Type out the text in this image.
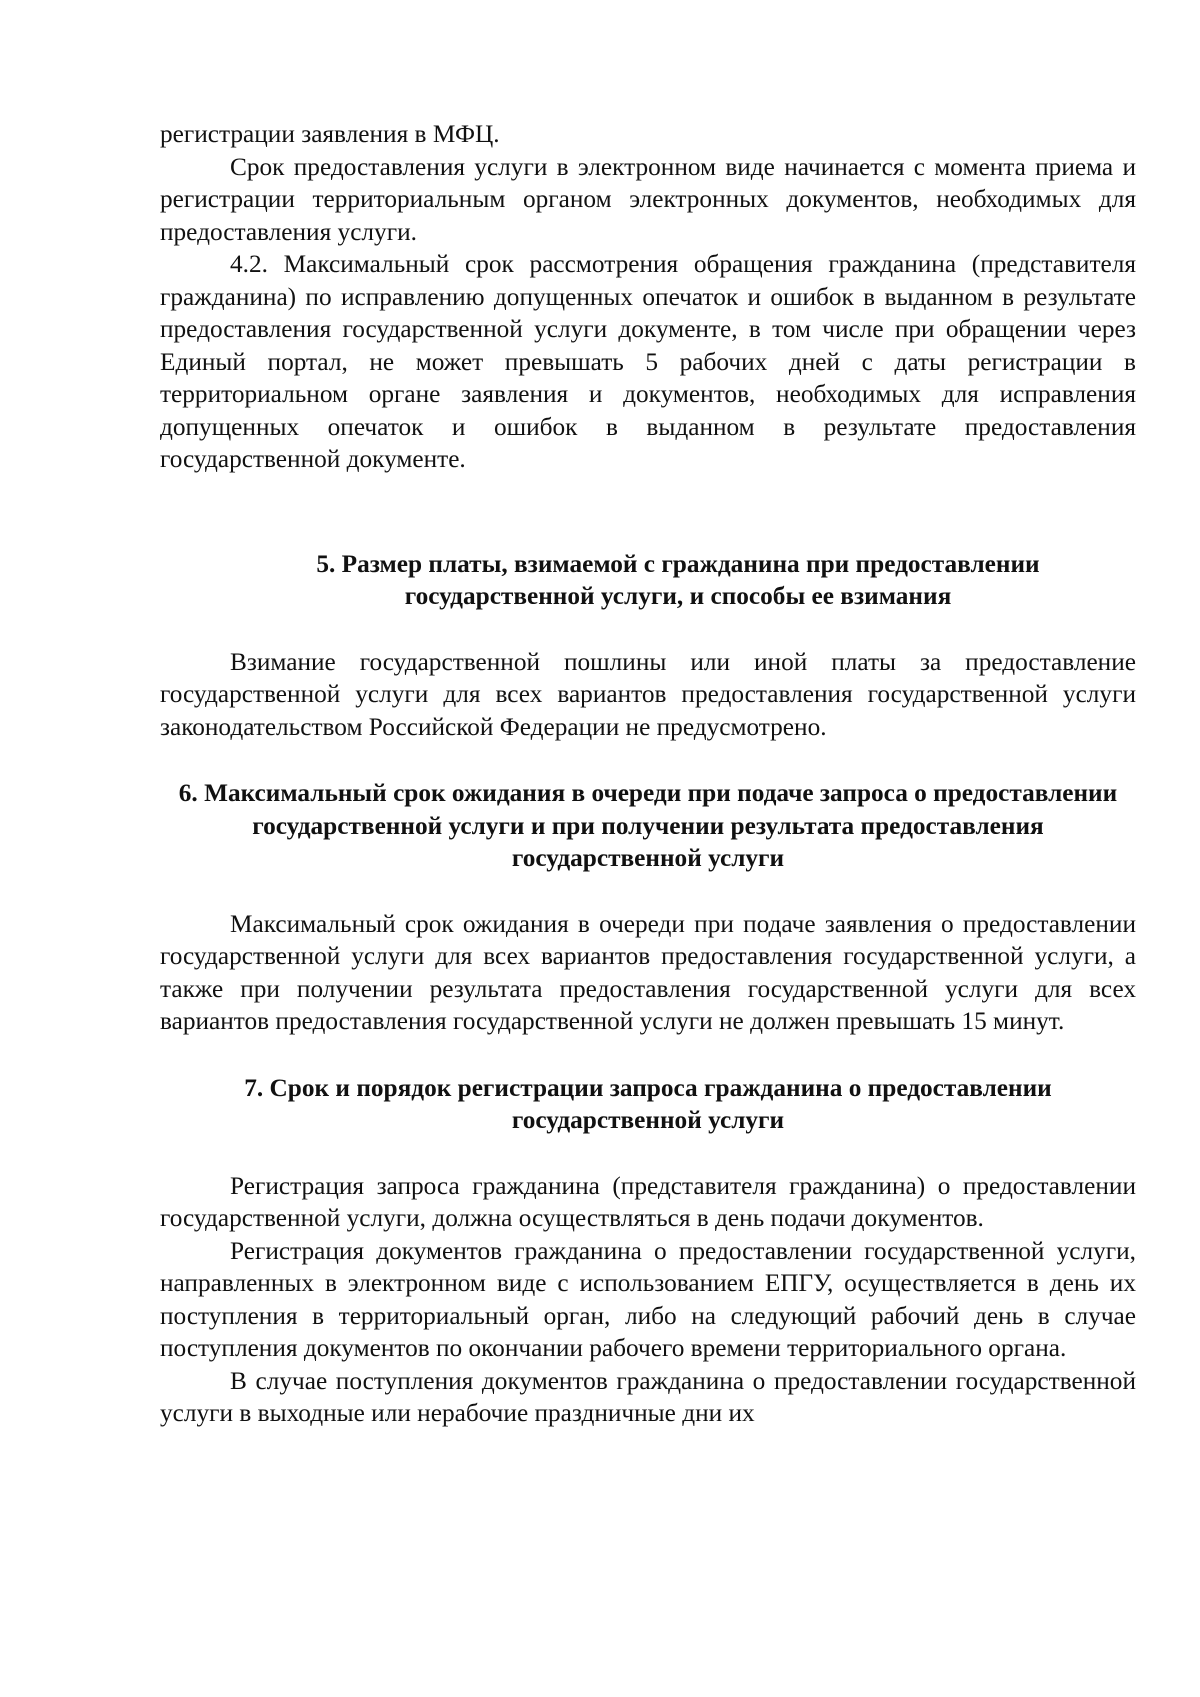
регистрации заявления в МФЦ.

Срок предоставления услуги в электронном виде начинается с момента приема и регистрации территориальным органом электронных документов, необходимых для предоставления услуги.

4.2. Максимальный срок рассмотрения обращения гражданина (представителя гражданина) по исправлению допущенных опечаток и ошибок в выданном в результате предоставления государственной услуги документе, в том числе при обращении через Единый портал, не может превышать 5 рабочих дней с даты регистрации в территориальном органе заявления и документов, необходимых для исправления допущенных опечаток и ошибок в выданном в результате предоставления государственной документе.

5. Размер платы, взимаемой с гражданина при предоставлении государственной услуги, и способы ее взимания

Взимание государственной пошлины или иной платы за предоставление государственной услуги для всех вариантов предоставления государственной услуги законодательством Российской Федерации не предусмотрено.

6. Максимальный срок ожидания в очереди при подаче запроса о предоставлении государственной услуги и при получении результата предоставления государственной услуги

Максимальный срок ожидания в очереди при подаче заявления о предоставлении государственной услуги для всех вариантов предоставления государственной услуги, а также при получении результата предоставления государственной услуги для всех вариантов предоставления государственной услуги не должен превышать 15 минут.

7. Срок и порядок регистрации запроса гражданина о предоставлении государственной услуги

Регистрация запроса гражданина (представителя гражданина) о предоставлении государственной услуги, должна осуществляться в день подачи документов.

Регистрация документов гражданина о предоставлении государственной услуги, направленных в электронном виде с использованием ЕПГУ, осуществляется в день их поступления в территориальный орган, либо на следующий рабочий день в случае поступления документов по окончании рабочего времени территориального органа.

В случае поступления документов гражданина о предоставлении государственной услуги в выходные или нерабочие праздничные дни их
